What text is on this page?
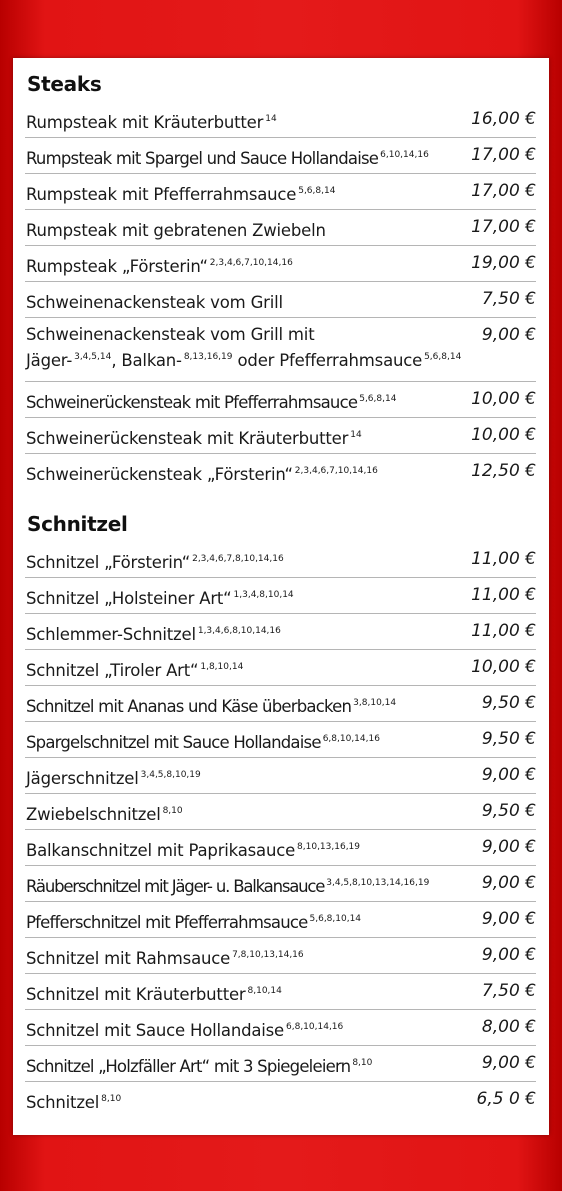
Steaks
Rumpsteak mit Kräuterbutter $^{14}$	16,00 €
Rumpsteak mit Spargel und Sauce Hollandaise $^{6,10,14,16}$ 17,00 €
Rumpsteak mit Pfefferrahmsauce $^{5,6,8,14}$	17,00 €
Rumpsteak mit gebratenen Zwiebeln	17,00 €
Rumpsteak „Försterin“ $^{2,3,4,6,7,10,14,16}$	19,00 €
Schweinenackensteak vom Grill	7,50 €
Schweinenackensteak vom Grill mit
Jäger- $^{3,4,5,14}$, Balkan- $^{8,13,16,19}$ oder Pfefferrahmsauce $^{5,6,8,14}$
9,00 €
Schweinerückensteak mit Pfefferrahmsauce $^{5,6,8,14}$	10,00 €
Schweinerückensteak mit Kräuterbutter $^{14}$	10,00 €
Schweinerückensteak „Försterin“ $^{2,3,4,6,7,10,14,16}$	12,50 €
Schnitzel
Schnitzel „Försterin“ $^{2,3,4,6,7,8,10,14,16}$	11,00 €
Schnitzel „Holsteiner Art“ $^{1,3,4,8,10,14}$	11,00 €
Schlemmer-Schnitzel $^{1,3,4,6,8,10,14,16}$	11,00 €
Schnitzel „Tiroler Art“ $^{1,8,10,14}$	10,00 €
Schnitzel mit Ananas und Käse überbacken $^{3,8,10,14}$	9,50 €
Spargelschnitzel mit Sauce Hollandaise $^{6,8,10,14,16}$	9,50 €
Jägerschnitzel $^{3,4,5,8,10,19}$	9,00 €
Zwiebelschnitzel $^{8,10}$	9,50 €
Balkanschnitzel mit Paprikasauce $^{8,10,13,16,19}$	9,00 €
Räuberschnitzel mit Jäger- u. Balkansauce $^{3,4,5,8,10,13,14,16,19}$	9,00 €
Pfefferschnitzel mit Pfefferrahmsauce $^{5,6,8,10,14}$	9,00 €
Schnitzel mit Rahmsauce $^{7,8,10,13,14,16}$	9,00 €
Schnitzel mit Kräuterbutter $^{8,10,14}$	7,50 €
Schnitzel mit Sauce Hollandaise $^{6,8,10,14,16}$	8,00 €
Schnitzel „Holzfäller Art“ mit 3 Spiegeleiern $^{8,10}$	9,00 €
Schnitzel $^{8,10}$	6,5 0 €
